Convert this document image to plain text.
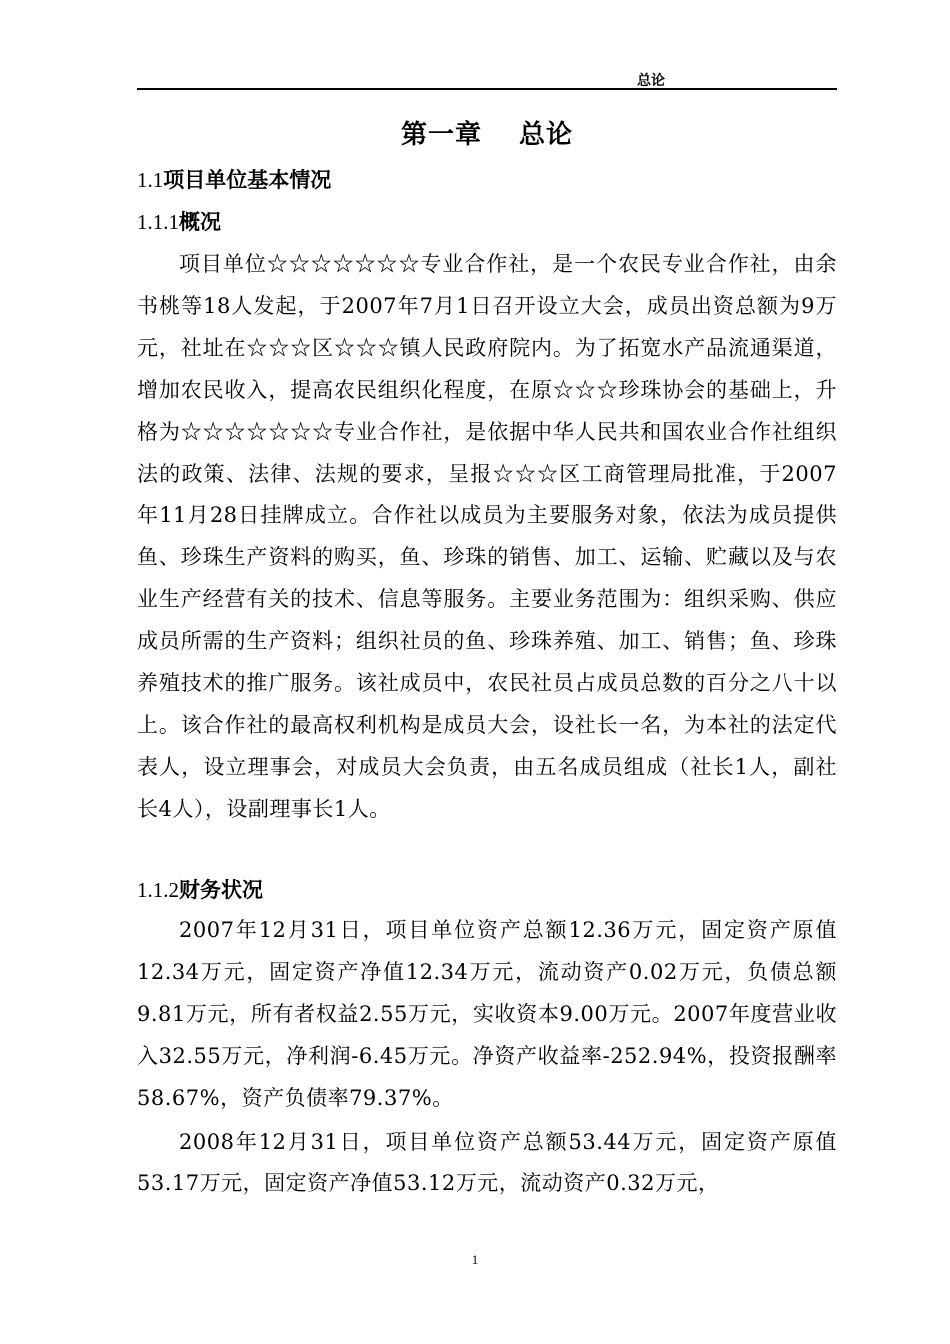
总论
第一章　 总论
1.1项目单位基本情况
1.1.1概况

项目单位☆☆☆☆☆☆☆专业合作社，是一个农民专业合作社，由余书桃等18人发起，于2007年7月1日召开设立大会，成员出资总额为9万元，社址在☆☆☆区☆☆☆镇人民政府院内。为了拓宽水产品流通渠道，增加农民收入，提高农民组织化程度，在原☆☆☆珍珠协会的基础上，升格为☆☆☆☆☆☆☆专业合作社，是依据中华人民共和国农业合作社组织法的政策、法律、法规的要求，呈报☆☆☆区工商管理局批准，于2007年11月28日挂牌成立。合作社以成员为主要服务对象，依法为成员提供鱼、珍珠生产资料的购买，鱼、珍珠的销售、加工、运输、贮藏以及与农业生产经营有关的技术、信息等服务。主要业务范围为：组织采购、供应成员所需的生产资料；组织社员的鱼、珍珠养殖、加工、销售；鱼、珍珠养殖技术的推广服务。该社成员中，农民社员占成员总数的百分之八十以上。该合作社的最高权利机构是成员大会，设社长一名，为本社的法定代表人，设立理事会，对成员大会负责，由五名成员组成（社长1人，副社长4人），设副理事长1人。

1.1.2财务状况

2007年12月31日，项目单位资产总额12.36万元，固定资产原值12.34万元，固定资产净值12.34万元，流动资产0.02万元，负债总额9.81万元，所有者权益2.55万元，实收资本9.00万元。2007年度营业收入32.55万元，净利润-6.45万元。净资产收益率-252.94%，投资报酬率58.67%，资产负债率79.37%。

2008年12月31日，项目单位资产总额53.44万元，固定资产原值53.17万元，固定资产净值53.12万元，流动资产0.32万元，

1
